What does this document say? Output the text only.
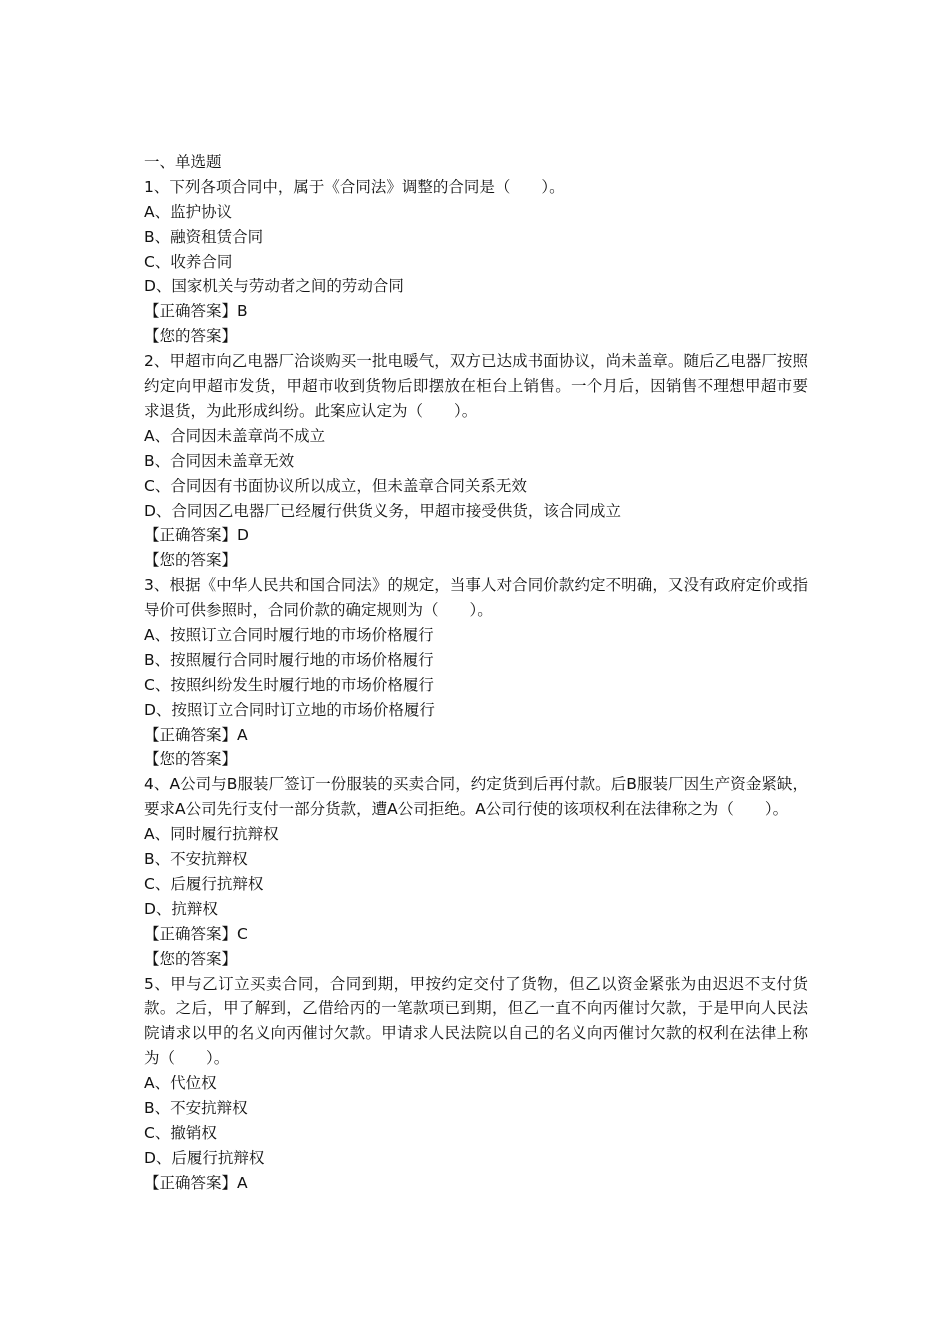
一、单选题
1、下列各项合同中，属于《合同法》调整的合同是（　　）。
A、监护协议
B、融资租赁合同
C、收养合同
D、国家机关与劳动者之间的劳动合同
【正确答案】B
【您的答案】
2、甲超市向乙电器厂洽谈购买一批电暖气，双方已达成书面协议，尚未盖章。随后乙电器厂按照约定向甲超市发货，甲超市收到货物后即摆放在柜台上销售。一个月后，因销售不理想甲超市要求退货，为此形成纠纷。此案应认定为（　　）。
A、合同因未盖章尚不成立
B、合同因未盖章无效
C、合同因有书面协议所以成立，但未盖章合同关系无效
D、合同因乙电器厂已经履行供货义务，甲超市接受供货，该合同成立
【正确答案】D
【您的答案】
3、根据《中华人民共和国合同法》的规定，当事人对合同价款约定不明确，又没有政府定价或指导价可供参照时，合同价款的确定规则为（　　）。
A、按照订立合同时履行地的市场价格履行
B、按照履行合同时履行地的市场价格履行
C、按照纠纷发生时履行地的市场价格履行
D、按照订立合同时订立地的市场价格履行
【正确答案】A
【您的答案】
4、A公司与B服装厂签订一份服装的买卖合同，约定货到后再付款。后B服装厂因生产资金紧缺，要求A公司先行支付一部分货款，遭A公司拒绝。A公司行使的该项权利在法律称之为（　　）。
A、同时履行抗辩权
B、不安抗辩权
C、后履行抗辩权
D、抗辩权
【正确答案】C
【您的答案】
5、甲与乙订立买卖合同，合同到期，甲按约定交付了货物，但乙以资金紧张为由迟迟不支付货款。之后，甲了解到，乙借给丙的一笔款项已到期，但乙一直不向丙催讨欠款，于是甲向人民法院请求以甲的名义向丙催讨欠款。甲请求人民法院以自己的名义向丙催讨欠款的权利在法律上称为（　　）。
A、代位权
B、不安抗辩权
C、撤销权
D、后履行抗辩权
【正确答案】A
